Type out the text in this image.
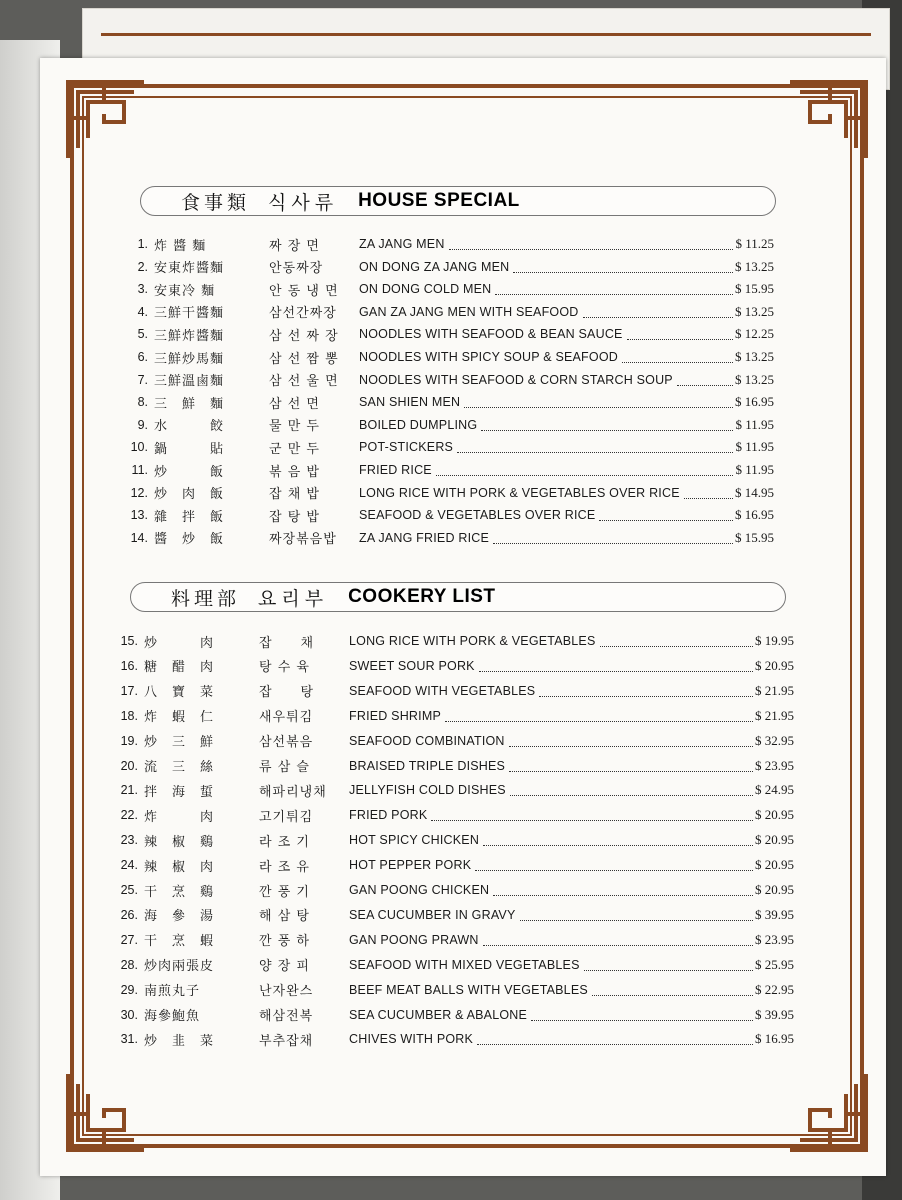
食事類 식사류 HOUSE SPECIAL
1. 炸 醬 麵	짜 장 면	ZA JANG MEN	$ 11.25
2. 安東炸醬麵	안동짜장	ON DONG ZA JANG MEN	$ 13.25
3. 安東冷 麵	안 동 냉 면	ON DONG COLD MEN	$ 15.95
4. 三鮮干醬麵	삼선간짜장	GAN ZA JANG MEN WITH SEAFOOD	$ 13.25
5. 三鮮炸醬麵	삼 선 짜 장	NOODLES WITH SEAFOOD & BEAN SAUCE	$ 12.25
6. 三鮮炒馬麵	삼 선 짬 뽕	NOODLES WITH SPICY SOUP & SEAFOOD	$ 13.25
7. 三鮮溫鹵麵	삼 선 울 면	NOODLES WITH SEAFOOD & CORN STARCH SOUP	$ 13.25
8. 三　鮮　麵	삼 선 면	SAN SHIEN MEN	$ 16.95
9. 水　　　餃	물 만 두	BOILED DUMPLING	$ 11.95
10. 鍋　　　貼	군 만 두	POT-STICKERS	$ 11.95
11. 炒　　　飯	볶 음 밥	FRIED RICE	$ 11.95
12. 炒　肉　飯	잡 채 밥	LONG RICE WITH PORK & VEGETABLES OVER RICE	$ 14.95
13. 雜　拌　飯	잡 탕 밥	SEAFOOD & VEGETABLES OVER RICE	$ 16.95
14. 醬　炒　飯	짜장볶음밥	ZA JANG FRIED RICE	$ 15.95
料理部 요리부 COOKERY LIST
15. 炒　　　肉	잡　　채	LONG RICE WITH PORK & VEGETABLES	$ 19.95
16. 糖　醋　肉	탕 수 육	SWEET SOUR PORK	$ 20.95
17. 八　寶　菜	잡　　탕	SEAFOOD WITH VEGETABLES	$ 21.95
18. 炸　蝦　仁	새우튀김	FRIED SHRIMP	$ 21.95
19. 炒　三　鮮	삼선볶음	SEAFOOD COMBINATION	$ 32.95
20. 流　三　絲	류 삼 슬	BRAISED TRIPLE DISHES	$ 23.95
21. 拌　海　蜇	해파리냉채	JELLYFISH COLD DISHES	$ 24.95
22. 炸　　　肉	고기튀김	FRIED PORK	$ 20.95
23. 辣　椒　鷄	라 조 기	HOT SPICY CHICKEN	$ 20.95
24. 辣　椒　肉	라 조 유	HOT PEPPER PORK	$ 20.95
25. 干　烹　鷄	깐 풍 기	GAN POONG CHICKEN	$ 20.95
26. 海　參　湯	해 삼 탕	SEA CUCUMBER IN GRAVY	$ 39.95
27. 干　烹　蝦	깐 풍 하	GAN POONG PRAWN	$ 23.95
28. 炒肉兩張皮	양 장 피	SEAFOOD WITH MIXED VEGETABLES	$ 25.95
29. 南煎丸子	난자완스	BEEF MEAT BALLS WITH VEGETABLES	$ 22.95
30. 海參鮑魚	해삼전복	SEA CUCUMBER & ABALONE	$ 39.95
31. 炒　韭　菜	부추잡채	CHIVES WITH PORK	$ 16.95
